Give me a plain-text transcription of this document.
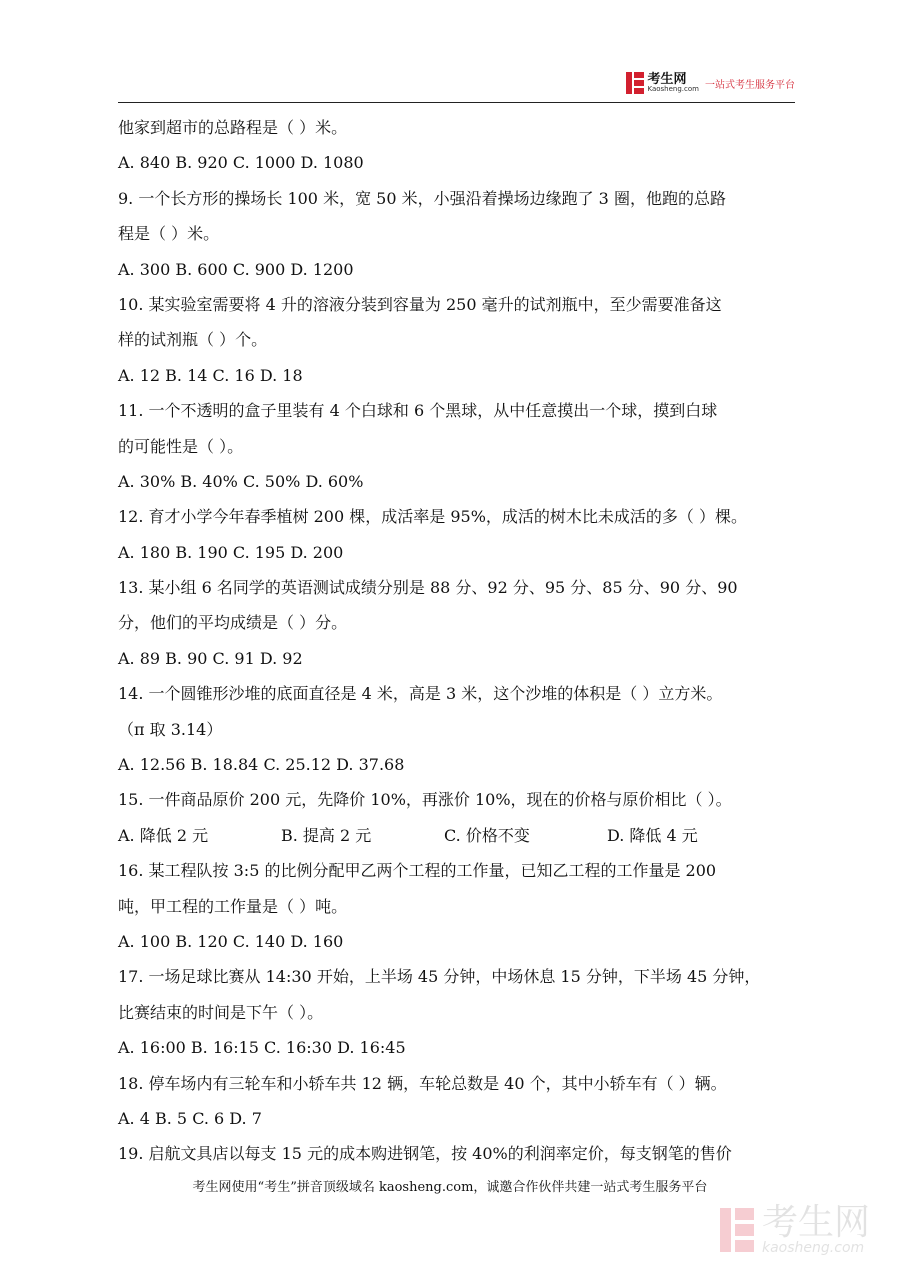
考生网
Kaosheng.com 一站式考生服务平台
他家到超市的总路程是（ ）米。
A. 840 B. 920 C. 1000 D. 1080
9. 一个长方形的操场长 100 米，宽 50 米，小强沿着操场边缘跑了 3 圈，他跑的总路
程是（ ）米。
A. 300 B. 600 C. 900 D. 1200
10. 某实验室需要将 4 升的溶液分装到容量为 250 毫升的试剂瓶中，至少需要准备这
样的试剂瓶（ ）个。
A. 12 B. 14 C. 16 D. 18
11. 一个不透明的盒子里装有 4 个白球和 6 个黑球，从中任意摸出一个球，摸到白球
的可能性是（ ）。
A. 30% B. 40% C. 50% D. 60%
12. 育才小学今年春季植树 200 棵，成活率是 95%，成活的树木比未成活的多（ ）棵。
A. 180 B. 190 C. 195 D. 200
13. 某小组 6 名同学的英语测试成绩分别是 88 分、92 分、95 分、85 分、90 分、90
分，他们的平均成绩是（ ）分。
A. 89 B. 90 C. 91 D. 92
14. 一个圆锥形沙堆的底面直径是 4 米，高是 3 米，这个沙堆的体积是（ ）立方米。
（π 取 3.14）
A. 12.56 B. 18.84 C. 25.12 D. 37.68
15. 一件商品原价 200 元，先降价 10%，再涨价 10%，现在的价格与原价相比（ ）。
A. 降低 2 元	B. 提高 2 元	C. 价格不变	D. 降低 4 元
16. 某工程队按 3:5 的比例分配甲乙两个工程的工作量，已知乙工程的工作量是 200
吨，甲工程的工作量是（ ）吨。
A. 100 B. 120 C. 140 D. 160
17. 一场足球比赛从 14:30 开始，上半场 45 分钟，中场休息 15 分钟，下半场 45 分钟，
比赛结束的时间是下午（ ）。
A. 16:00 B. 16:15 C. 16:30 D. 16:45
18. 停车场内有三轮车和小轿车共 12 辆，车轮总数是 40 个，其中小轿车有（ ）辆。
A. 4 B. 5 C. 6 D. 7
19. 启航文具店以每支 15 元的成本购进钢笔，按 40%的利润率定价，每支钢笔的售价
考生网使用“考生”拼音顶级域名 kaosheng.com，诚邀合作伙伴共建一站式考生服务平台
考生网
kaosheng.com
